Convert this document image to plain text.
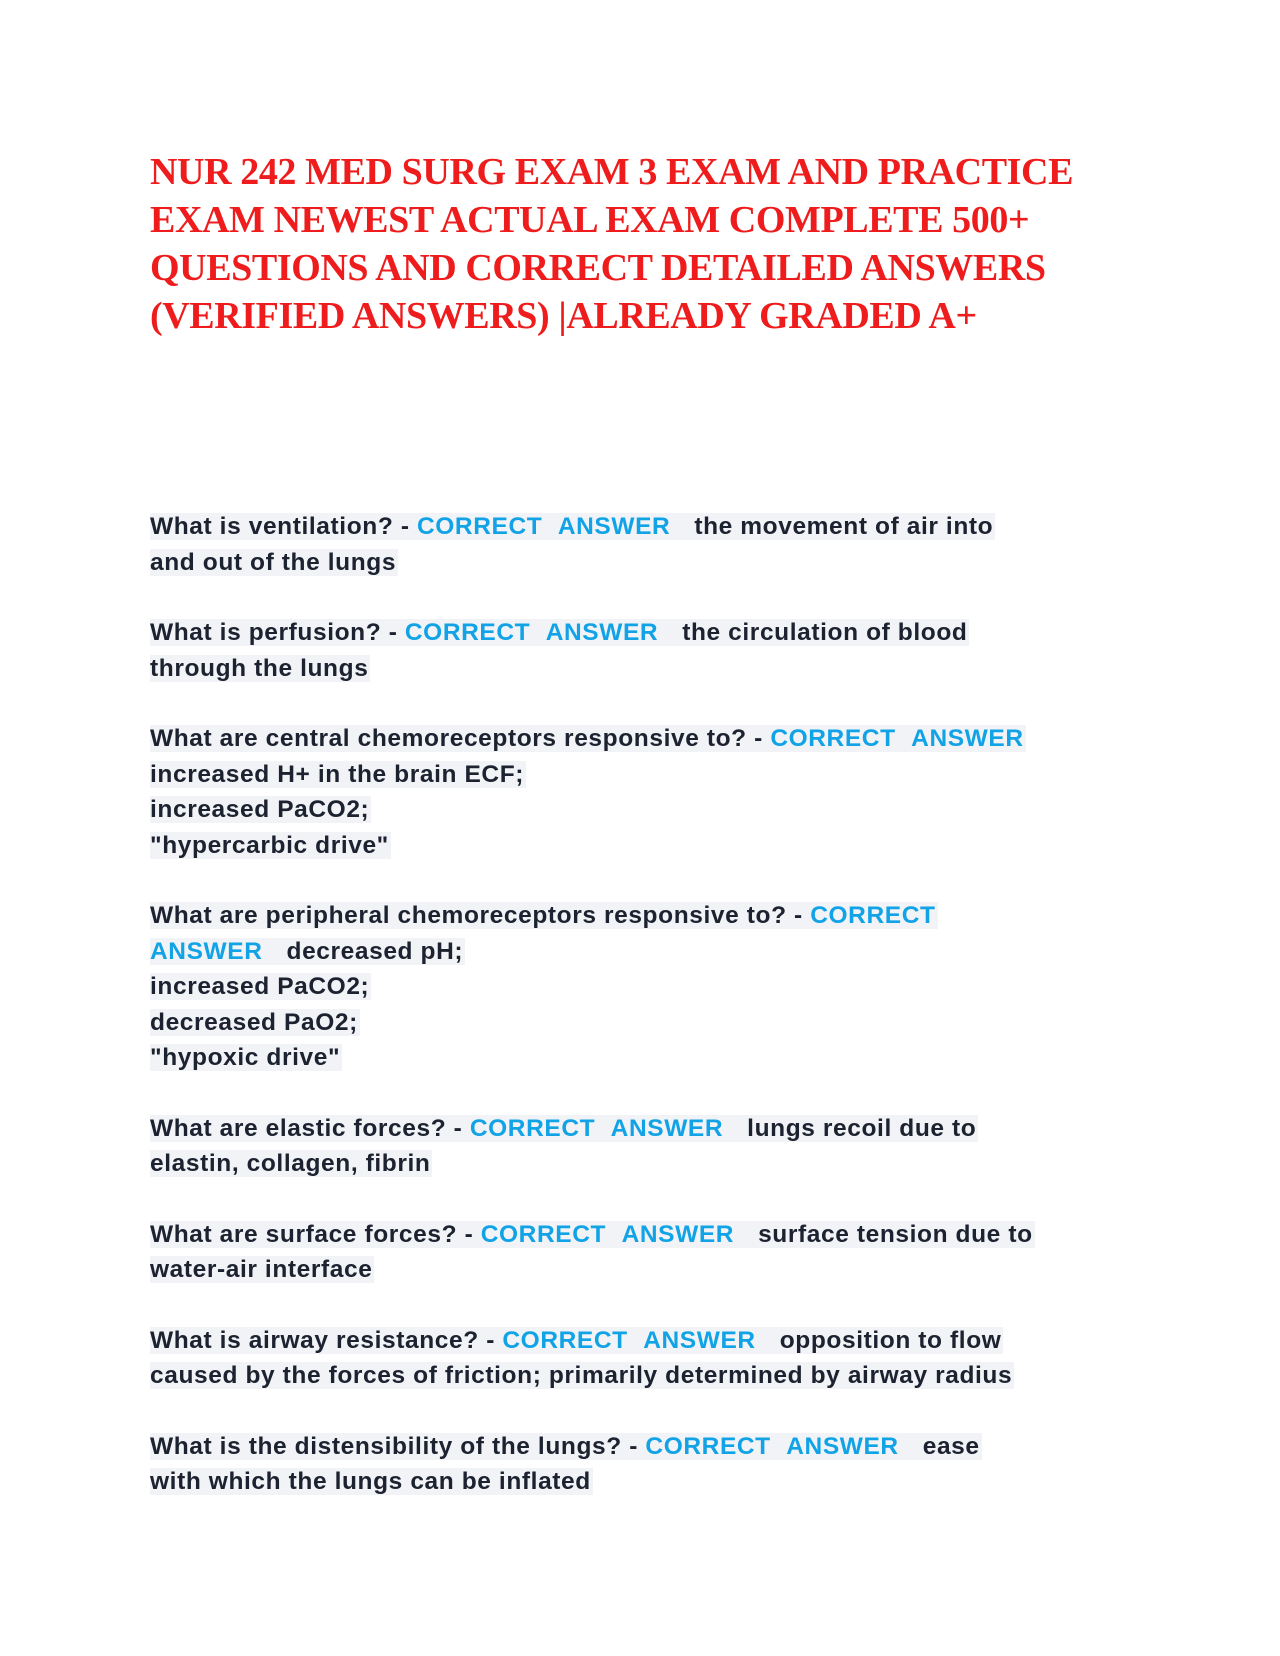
NUR 242 MED SURG EXAM 3 EXAM AND PRACTICE
EXAM NEWEST ACTUAL EXAM COMPLETE 500+
QUESTIONS AND CORRECT DETAILED ANSWERS
(VERIFIED ANSWERS) |ALREADY GRADED A+
What is ventilation? - CORRECT ANSWER the movement of air into
and out of the lungs
What is perfusion? - CORRECT ANSWER the circulation of blood
through the lungs
What are central chemoreceptors responsive to? - CORRECT ANSWER
increased H+ in the brain ECF;
increased PaCO2;
"hypercarbic drive"
What are peripheral chemoreceptors responsive to? - CORRECT
ANSWER decreased pH;
increased PaCO2;
decreased PaO2;
"hypoxic drive"
What are elastic forces? - CORRECT ANSWER lungs recoil due to
elastin, collagen, fibrin
What are surface forces? - CORRECT ANSWER surface tension due to
water-air interface
What is airway resistance? - CORRECT ANSWER opposition to flow
caused by the forces of friction; primarily determined by airway radius
What is the distensibility of the lungs? - CORRECT ANSWER ease
with which the lungs can be inflated
